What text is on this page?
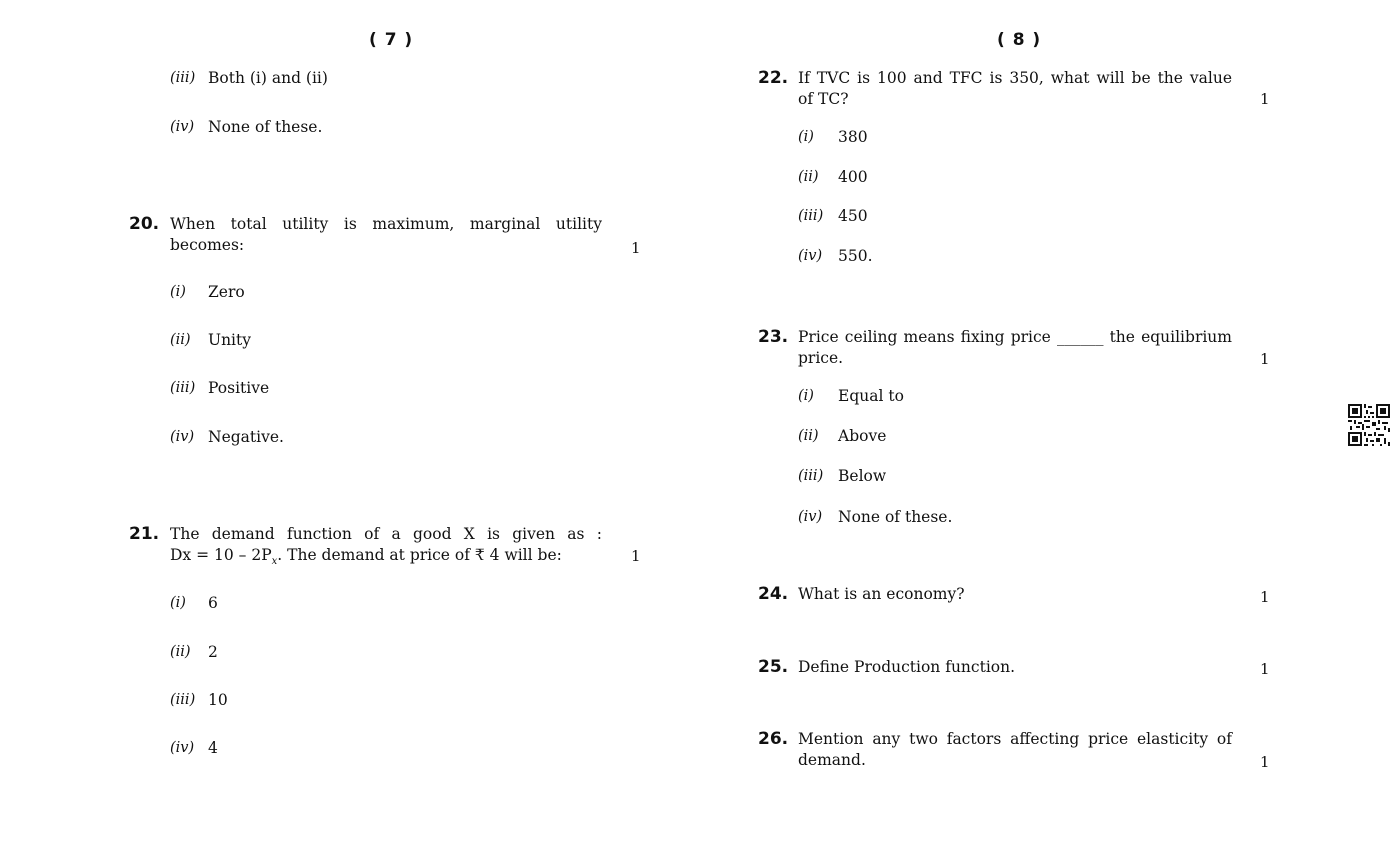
( 7 )	( 8 )
(iii) Both (i) and (ii)
(iv) None of these.
20. When total utility is maximum, marginal utility
becomes:	1
(i) Zero
(ii) Unity
(iii) Positive
(iv) Negative.
21. The demand function of a good X is given as :
$Dx = 10 - 2P_x$. The demand at price of ₹ 4 will be:	1
(i) 6
(ii) 2
(iii) 10
(iv) 4
22. If TVC is 100 and TFC is 350, what will be the value
of TC?	1
(i) 380
(ii) 400
(iii) 450
(iv) 550.
23. Price ceiling means fixing price ______ the equilibrium
price.	1
(i) Equal to
(ii) Above
(iii) Below
(iv) None of these.
24. What is an economy?	1
25. Define Production function.	1
26. Mention any two factors affecting price elasticity of
demand.	1
